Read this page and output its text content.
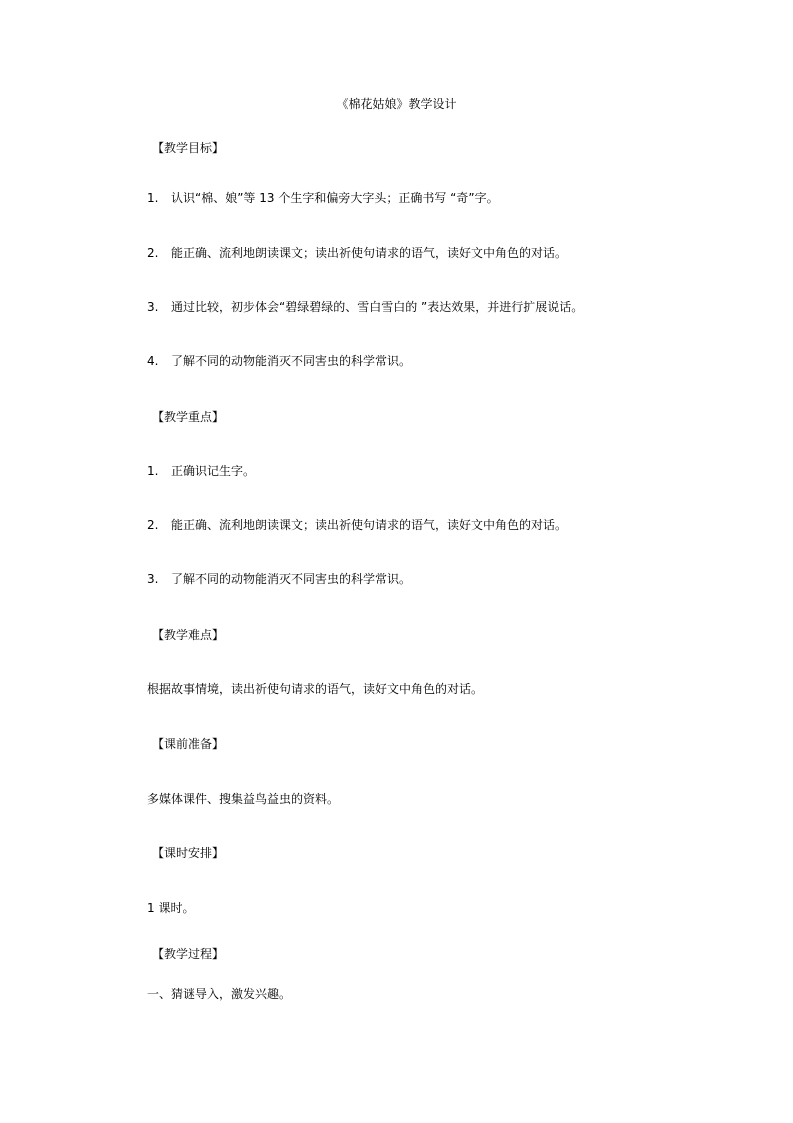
《棉花姑娘》教学设计
【教学目标】
1. 认识“棉、娘”等 13 个生字和偏旁大字头；正确书写 “奇”字。
2. 能正确、流利地朗读课文；读出祈使句请求的语气，读好文中角色的对话。
3. 通过比较，初步体会“碧绿碧绿的、雪白雪白的 ”表达效果，并进行扩展说话。
4. 了解不同的动物能消灭不同害虫的科学常识。
【教学重点】
1. 正确识记生字。
2. 能正确、流利地朗读课文；读出祈使句请求的语气，读好文中角色的对话。
3. 了解不同的动物能消灭不同害虫的科学常识。
【教学难点】
根据故事情境，读出祈使句请求的语气，读好文中角色的对话。
【课前准备】
多媒体课件、搜集益鸟益虫的资料。
【课时安排】
1 课时。
【教学过程】
一、猜谜导入，激发兴趣。
